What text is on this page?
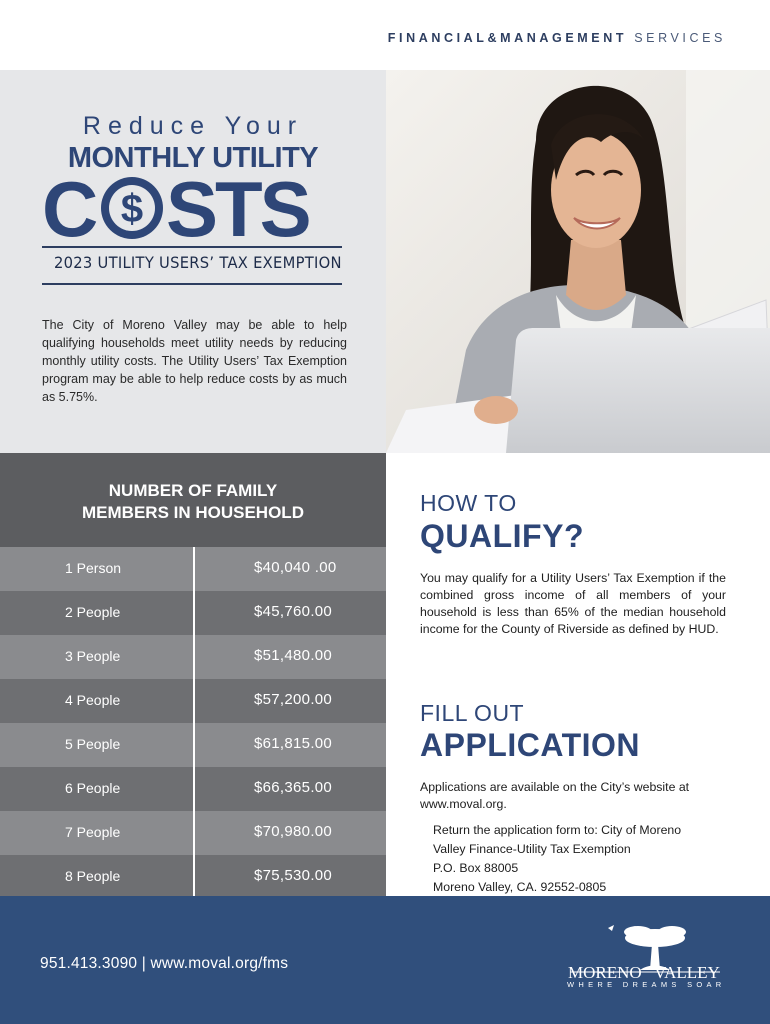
FINANCIAL&MANAGEMENT SERVICES
Reduce Your
MONTHLY UTILITY
C $ STS
2023 UTILITY USERS’ TAX EXEMPTION
The City of Moreno Valley may be able to help qualifying households meet utility needs by reducing monthly utility costs. The Utility Users’ Tax Exemption program may be able to help reduce costs by as much as 5.75%.
NUMBER OF FAMILY
MEMBERS IN HOUSEHOLD
1 Person	$40,040 .00
2 People	$45,760.00
3 People	$51,480.00
4 People	$57,200.00
5 People	$61,815.00
6 People	$66,365.00
7 People	$70,980.00
8 People	$75,530.00
HOW TO
QUALIFY?
You may qualify for a Utility Users’ Tax Exemption if the combined gross income of all members of your household is less than 65% of the median household income for the County of Riverside as defined by HUD.
FILL OUT
APPLICATION
Applications are available on the City’s website at www.moval.org.
Return the application form to: City of Moreno
Valley Finance-Utility Tax Exemption
P.O. Box 88005
Moreno Valley, CA. 92552-0805
951.413.3090 | www.moval.org/fms	MORENO VALLEY
WHERE DREAMS SOAR
